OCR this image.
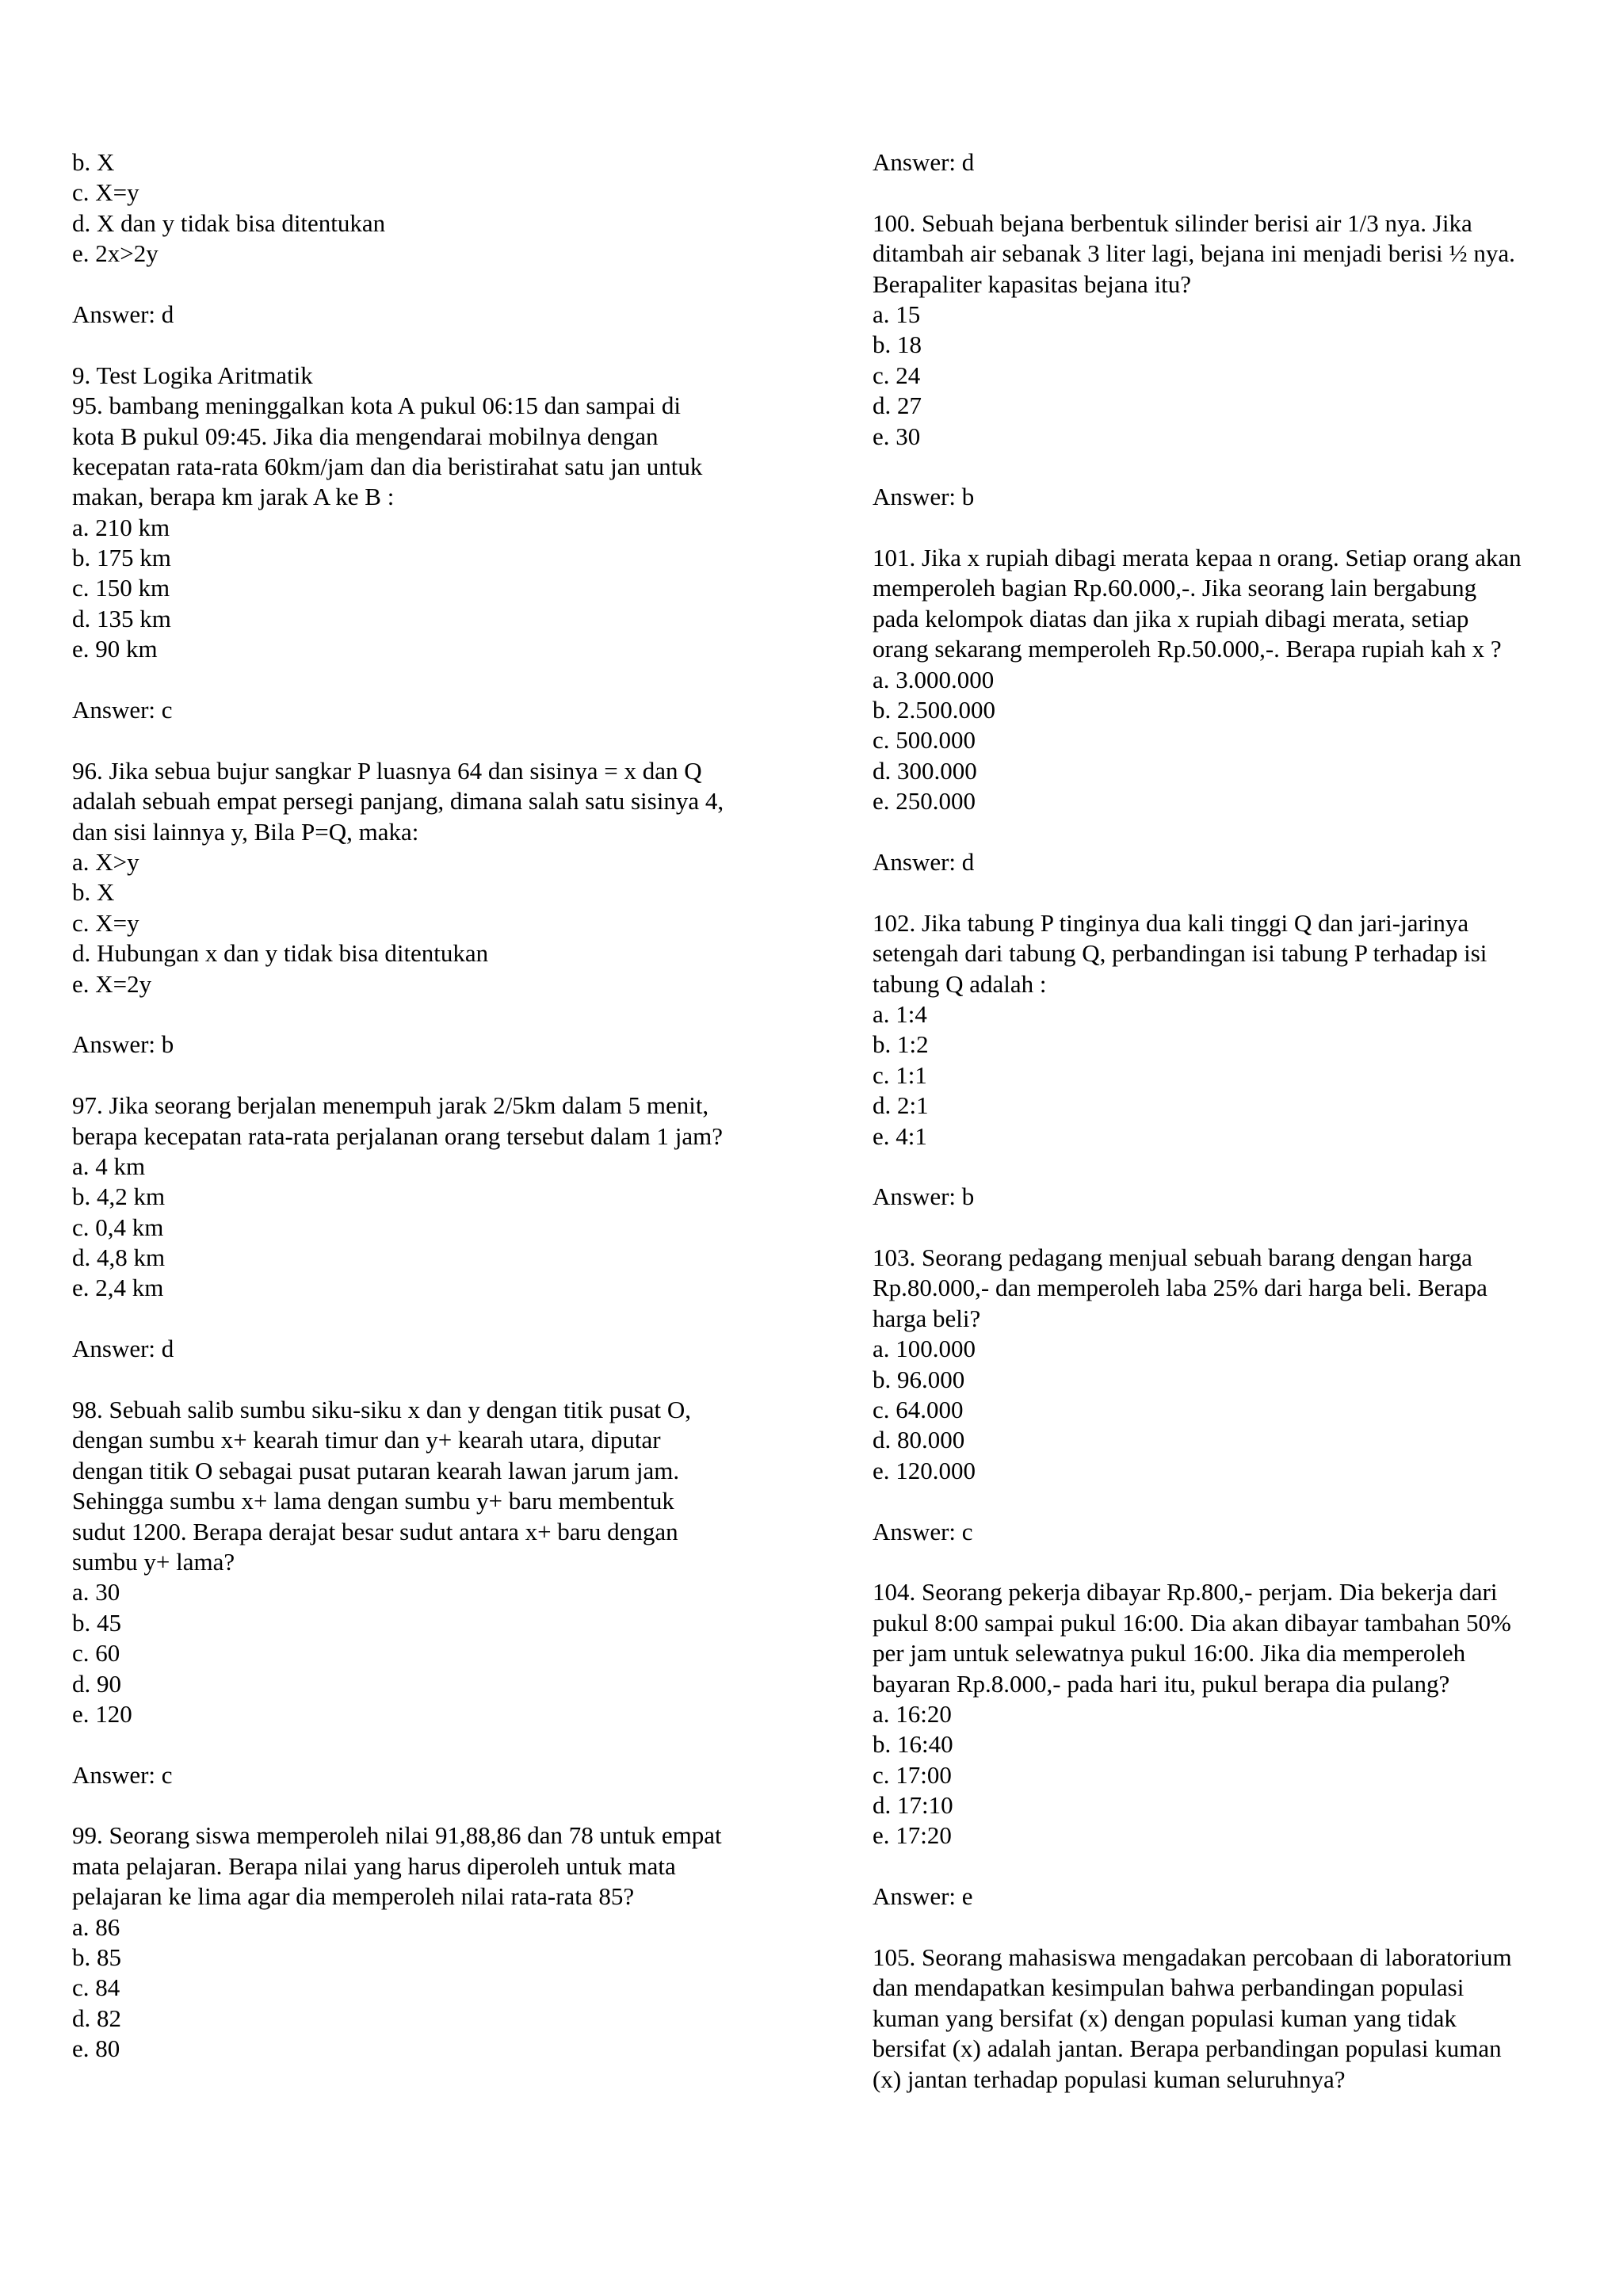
b. X
c. X=y
d. X dan y tidak bisa ditentukan
e. 2x>2y
Answer: d
9. Test Logika Aritmatik
95. bambang meninggalkan kota A pukul 06:15 dan sampai di
kota B pukul 09:45. Jika dia mengendarai mobilnya dengan
kecepatan rata-rata 60km/jam dan dia beristirahat satu jan untuk
makan, berapa km jarak A ke B :
a. 210 km
b. 175 km
c. 150 km
d. 135 km
e. 90 km
Answer: c
96. Jika sebua bujur sangkar P luasnya 64 dan sisinya = x dan Q
adalah sebuah empat persegi panjang, dimana salah satu sisinya 4,
dan sisi lainnya y, Bila P=Q, maka:
a. X>y
b. X
c. X=y
d. Hubungan x dan y tidak bisa ditentukan
e. X=2y
Answer: b
97. Jika seorang berjalan menempuh jarak 2/5km dalam 5 menit,
berapa kecepatan rata-rata perjalanan orang tersebut dalam 1 jam?
a. 4 km
b. 4,2 km
c. 0,4 km
d. 4,8 km
e. 2,4 km
Answer: d
98. Sebuah salib sumbu siku-siku x dan y dengan titik pusat O,
dengan sumbu x+ kearah timur dan y+ kearah utara, diputar
dengan titik O sebagai pusat putaran kearah lawan jarum jam.
Sehingga sumbu x+ lama dengan sumbu y+ baru membentuk
sudut 1200. Berapa derajat besar sudut antara x+ baru dengan
sumbu y+ lama?
a. 30
b. 45
c. 60
d. 90
e. 120
Answer: c
99. Seorang siswa memperoleh nilai 91,88,86 dan 78 untuk empat
mata pelajaran. Berapa nilai yang harus diperoleh untuk mata
pelajaran ke lima agar dia memperoleh nilai rata-rata 85?
a. 86
b. 85
c. 84
d. 82
e. 80
Answer: d
100. Sebuah bejana berbentuk silinder berisi air 1/3 nya. Jika
ditambah air sebanak 3 liter lagi, bejana ini menjadi berisi ½ nya.
Berapaliter kapasitas bejana itu?
a. 15
b. 18
c. 24
d. 27
e. 30
Answer: b
101. Jika x rupiah dibagi merata kepaa n orang. Setiap orang akan
memperoleh bagian Rp.60.000,-. Jika seorang lain bergabung
pada kelompok diatas dan jika x rupiah dibagi merata, setiap
orang sekarang memperoleh Rp.50.000,-. Berapa rupiah kah x ?
a. 3.000.000
b. 2.500.000
c. 500.000
d. 300.000
e. 250.000
Answer: d
102. Jika tabung P tinginya dua kali tinggi Q dan jari-jarinya
setengah dari tabung Q, perbandingan isi tabung P terhadap isi
tabung Q adalah :
a. 1:4
b. 1:2
c. 1:1
d. 2:1
e. 4:1
Answer: b
103. Seorang pedagang menjual sebuah barang dengan harga
Rp.80.000,- dan memperoleh laba 25% dari harga beli. Berapa
harga beli?
a. 100.000
b. 96.000
c. 64.000
d. 80.000
e. 120.000
Answer: c
104. Seorang pekerja dibayar Rp.800,- perjam. Dia bekerja dari
pukul 8:00 sampai pukul 16:00. Dia akan dibayar tambahan 50%
per jam untuk selewatnya pukul 16:00. Jika dia memperoleh
bayaran Rp.8.000,- pada hari itu, pukul berapa dia pulang?
a. 16:20
b. 16:40
c. 17:00
d. 17:10
e. 17:20
Answer: e
105. Seorang mahasiswa mengadakan percobaan di laboratorium
dan mendapatkan kesimpulan bahwa perbandingan populasi
kuman yang bersifat (x) dengan populasi kuman yang tidak
bersifat (x) adalah jantan. Berapa perbandingan populasi kuman
(x) jantan terhadap populasi kuman seluruhnya?
